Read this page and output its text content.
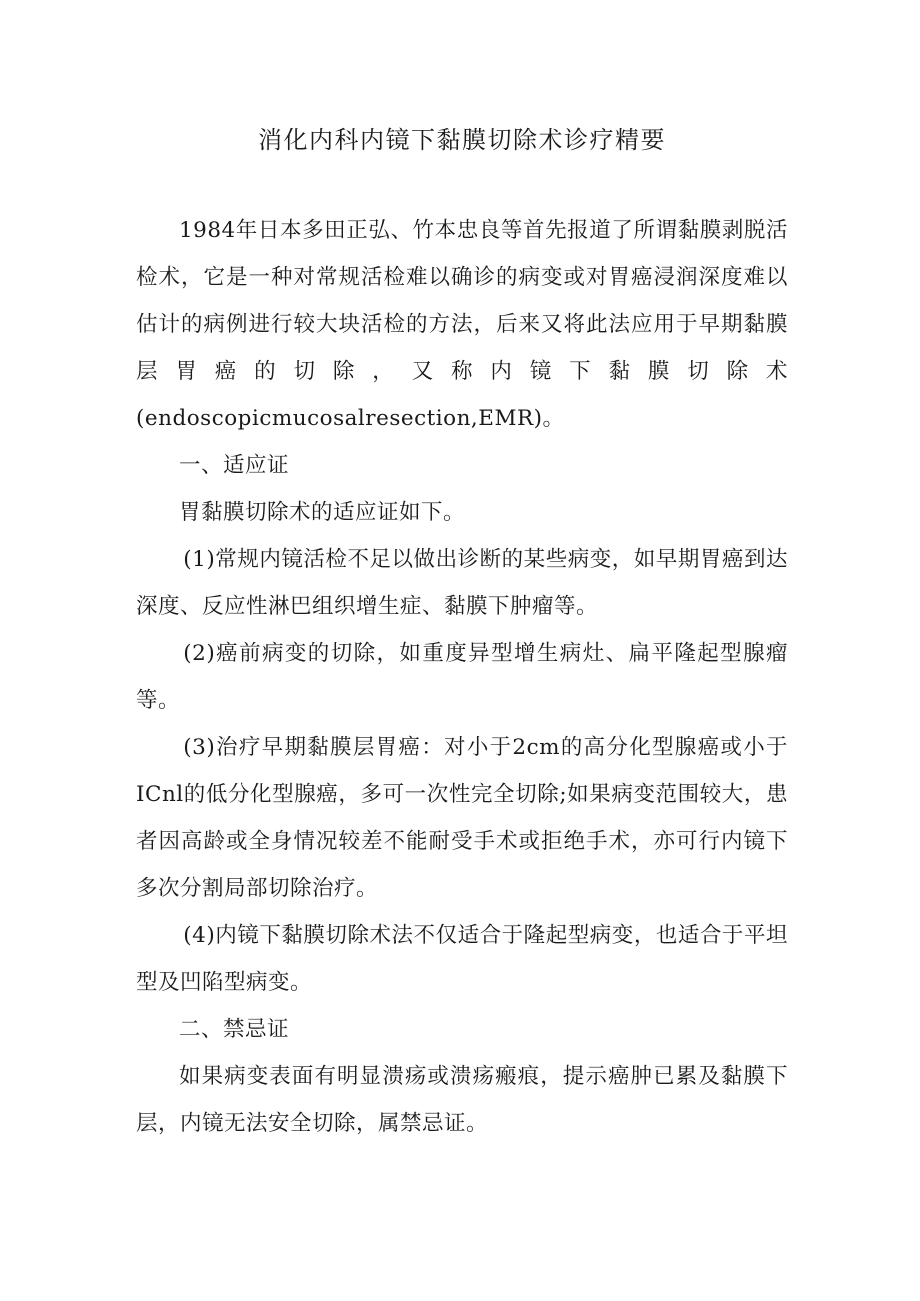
消化内科内镜下黏膜切除术诊疗精要

1984年日本多田正弘、竹本忠良等首先报道了所谓黏膜剥脱活检术，它是一种对常规活检难以确诊的病变或对胃癌浸润深度难以估计的病例进行较大块活检的方法，后来又将此法应用于早期黏膜层胃癌的切除，又称内镜下黏膜切除术(endoscopicmucosalresection,EMR)。

一、适应证

胃黏膜切除术的适应证如下。

(1)常规内镜活检不足以做出诊断的某些病变，如早期胃癌到达深度、反应性淋巴组织增生症、黏膜下肿瘤等。

(2)癌前病变的切除，如重度异型增生病灶、扁平隆起型腺瘤等。

(3)治疗早期黏膜层胃癌：对小于2cm的高分化型腺癌或小于ICnl的低分化型腺癌，多可一次性完全切除;如果病变范围较大，患者因高龄或全身情况较差不能耐受手术或拒绝手术，亦可行内镜下多次分割局部切除治疗。

(4)内镜下黏膜切除术法不仅适合于隆起型病变，也适合于平坦型及凹陷型病变。

二、禁忌证

如果病变表面有明显溃疡或溃疡瘢痕，提示癌肿已累及黏膜下层，内镜无法安全切除，属禁忌证。
